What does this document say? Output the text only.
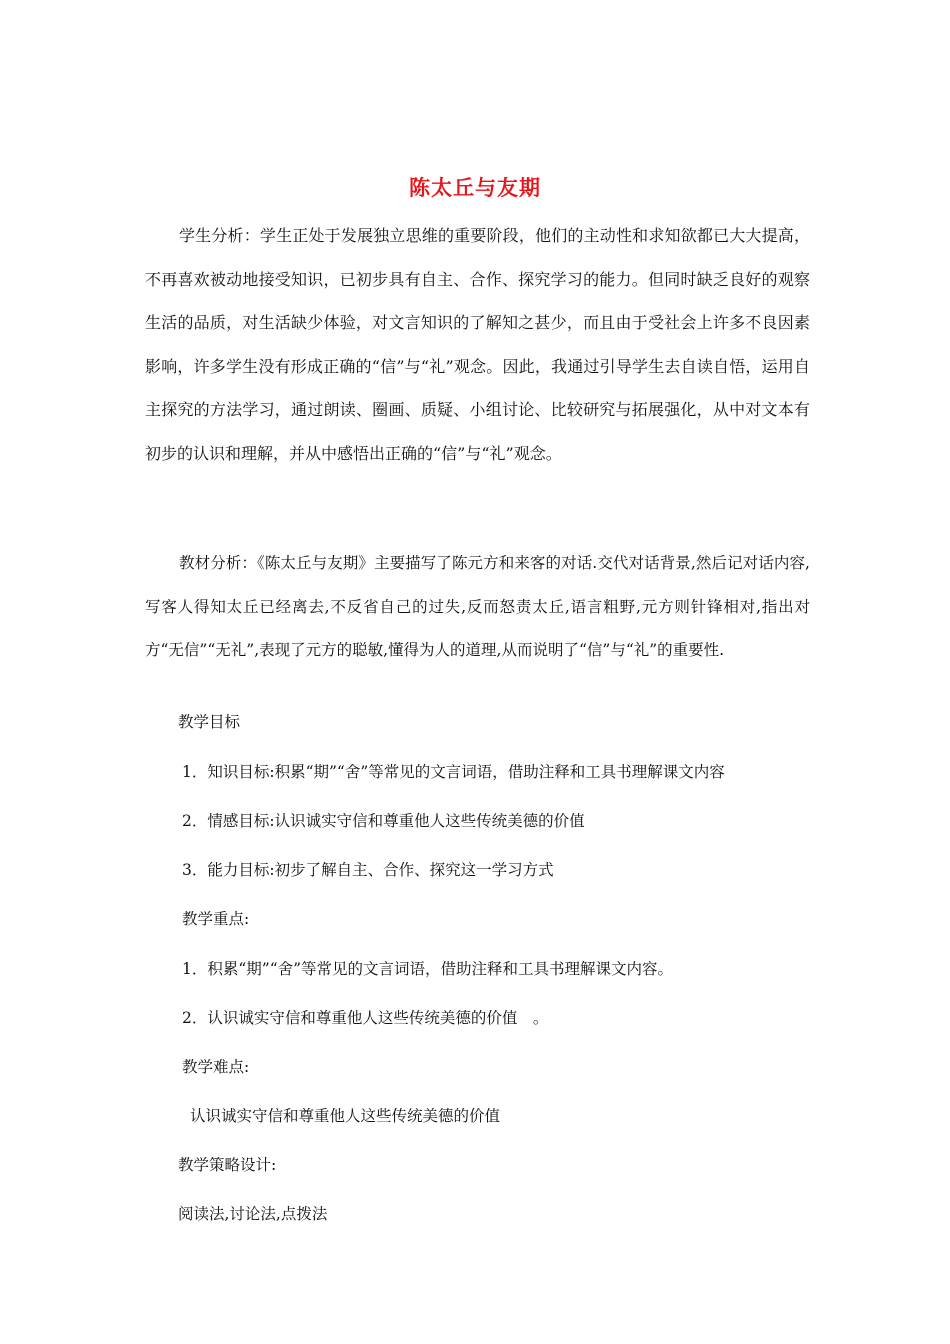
陈太丘与友期

学生分析：学生正处于发展独立思维的重要阶段，他们的主动性和求知欲都已大大提高，不再喜欢被动地接受知识，已初步具有自主、合作、探究学习的能力。但同时缺乏良好的观察生活的品质，对生活缺少体验，对文言知识的了解知之甚少，而且由于受社会上许多不良因素影响，许多学生没有形成正确的“信”与“礼”观念。因此，我通过引导学生去自读自悟，运用自主探究的方法学习，通过朗读、圈画、质疑、小组讨论、比较研究与拓展强化，从中对文本有初步的认识和理解，并从中感悟出正确的“信”与“礼”观念。

教材分析：《陈太丘与友期》主要描写了陈元方和来客的对话.交代对话背景,然后记对话内容,写客人得知太丘已经离去,不反省自己的过失,反而怒责太丘,语言粗野,元方则针锋相对,指出对方“无信”“无礼”,表现了元方的聪敏,懂得为人的道理,从而说明了“信”与“礼”的重要性.

教学目标

1．知识目标:积累“期”“舍”等常见的文言词语，借助注释和工具书理解课文内容

2．情感目标:认识诚实守信和尊重他人这些传统美德的价值

3．能力目标:初步了解自主、合作、探究这一学习方式

教学重点:

1．积累“期”“舍”等常见的文言词语，借助注释和工具书理解课文内容。

2．认识诚实守信和尊重他人这些传统美德的价值　。

教学难点:

认识诚实守信和尊重他人这些传统美德的价值

教学策略设计:

阅读法,讨论法,点拨法
